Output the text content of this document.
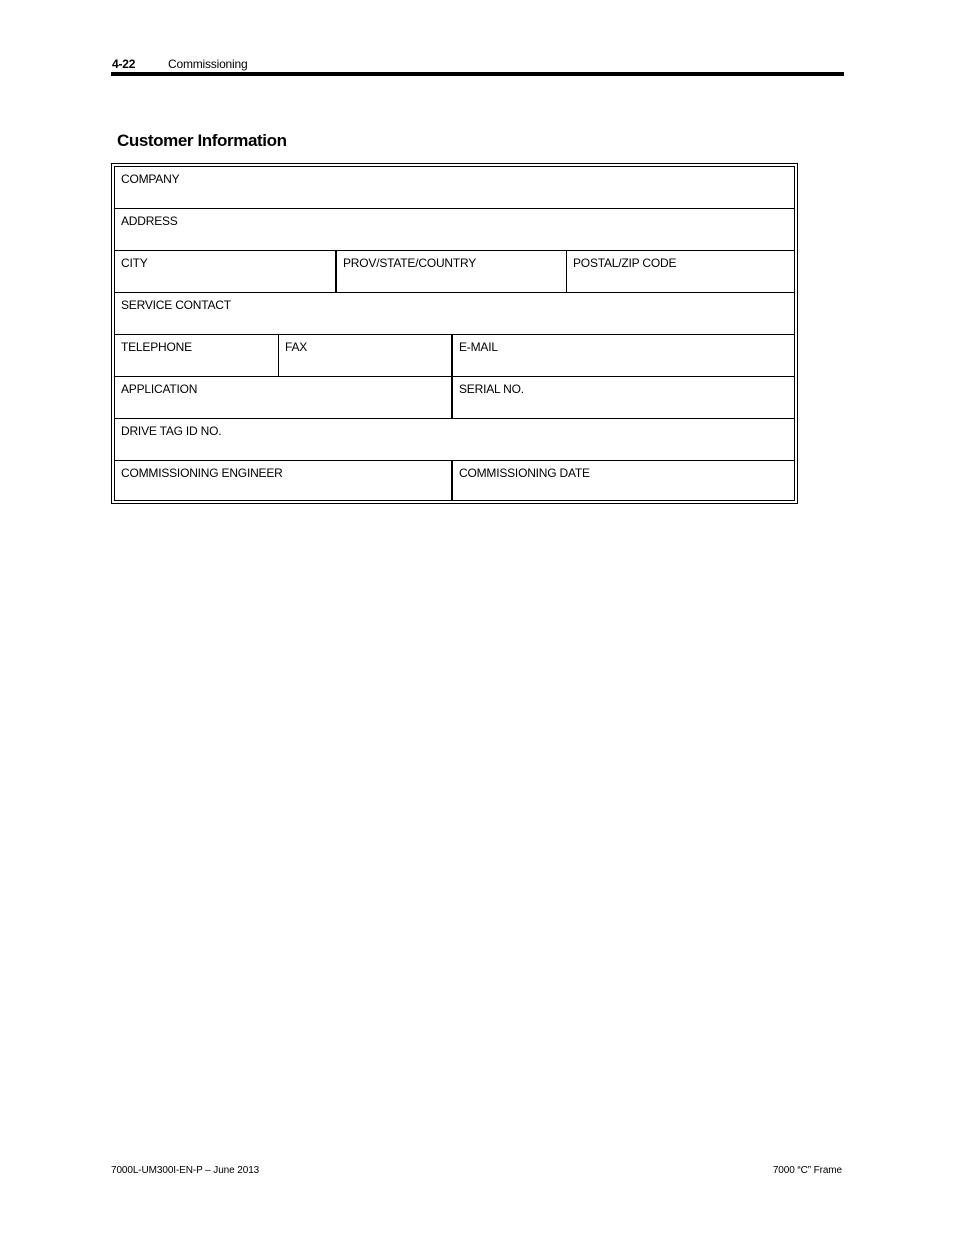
4-22	Commissioning
Customer Information
COMPANY
ADDRESS
CITY	PROV/STATE/COUNTRY	POSTAL/ZIP CODE
SERVICE CONTACT
TELEPHONE	FAX	E-MAIL
APPLICATION	SERIAL NO.
DRIVE TAG ID NO.
COMMISSIONING ENGINEER	COMMISSIONING DATE
7000L-UM300I-EN-P – June 2013	7000 “C” Frame
